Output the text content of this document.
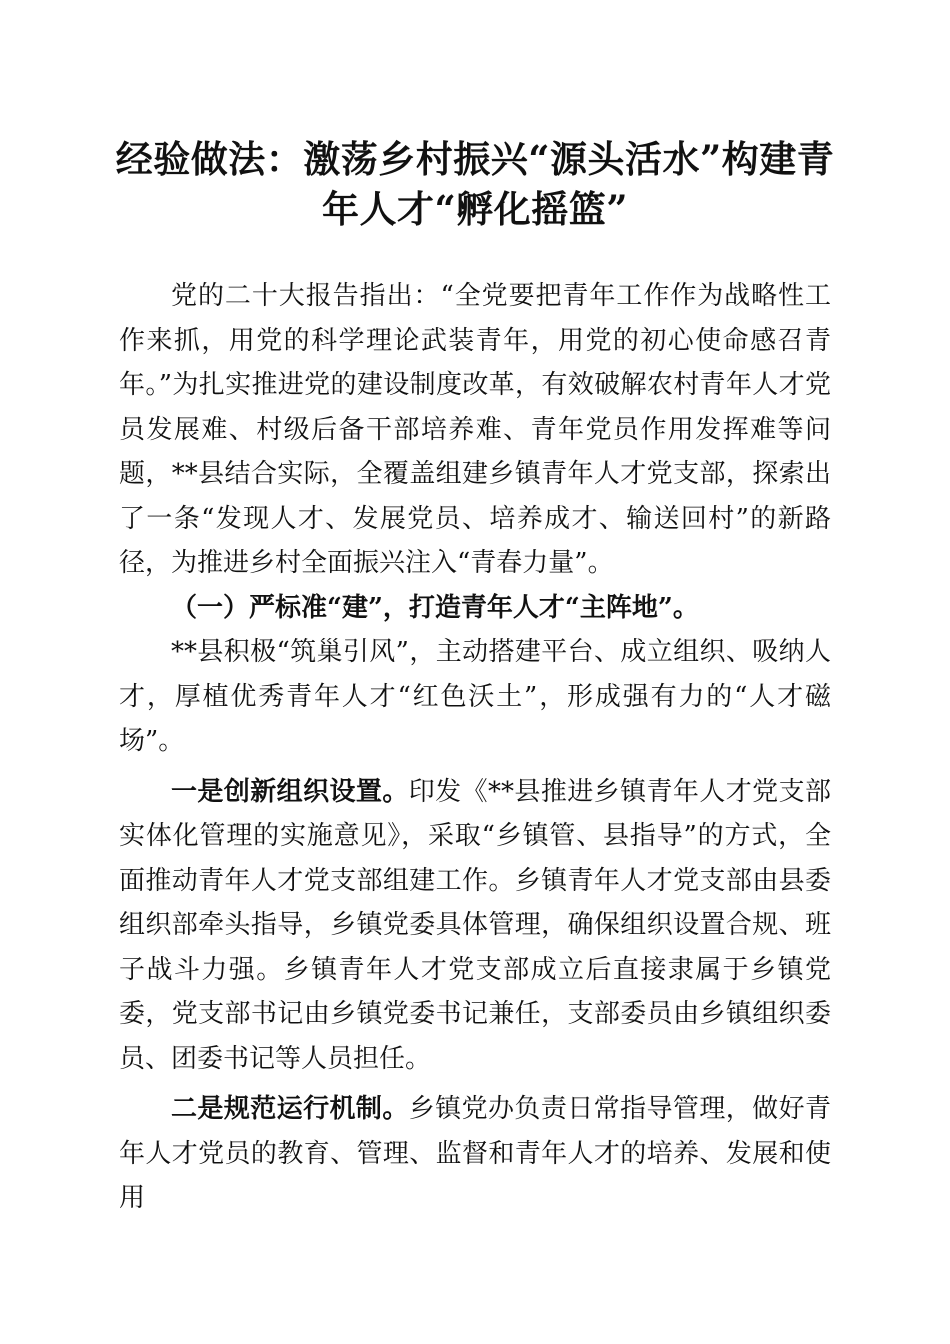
经验做法：激荡乡村振兴“源头活水”构建青年人才“孵化摇篮”

党的二十大报告指出：“全党要把青年工作作为战略性工作来抓，用党的科学理论武装青年，用党的初心使命感召青年。”为扎实推进党的建设制度改革，有效破解农村青年人才党员发展难、村级后备干部培养难、青年党员作用发挥难等问题，**县结合实际，全覆盖组建乡镇青年人才党支部，探索出了一条“发现人才、发展党员、培养成才、输送回村”的新路径，为推进乡村全面振兴注入“青春力量”。

（一）严标准“建”，打造青年人才“主阵地”。

**县积极“筑巢引风”，主动搭建平台、成立组织、吸纳人才，厚植优秀青年人才“红色沃土”，形成强有力的“人才磁场”。

一是创新组织设置。印发《**县推进乡镇青年人才党支部实体化管理的实施意见》，采取“乡镇管、县指导”的方式，全面推动青年人才党支部组建工作。乡镇青年人才党支部由县委组织部牵头指导，乡镇党委具体管理，确保组织设置合规、班子战斗力强。乡镇青年人才党支部成立后直接隶属于乡镇党委，党支部书记由乡镇党委书记兼任，支部委员由乡镇组织委员、团委书记等人员担任。

二是规范运行机制。乡镇党办负责日常指导管理，做好青年人才党员的教育、管理、监督和青年人才的培养、发展和使用
